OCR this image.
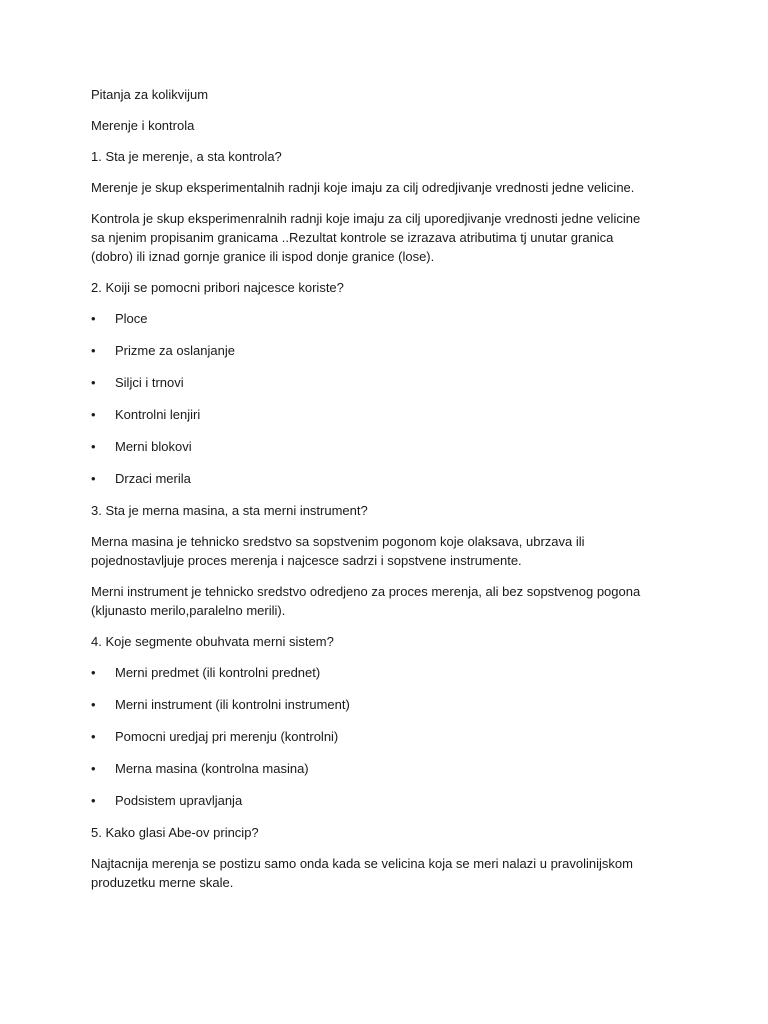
Pitanja za kolikvijum

Merenje i kontrola

1. Sta je merenje, a sta kontrola?

Merenje je skup eksperimentalnih radnji koje imaju za cilj odredjivanje vrednosti jedne velicine.

Kontrola je skup eksperimenralnih radnji koje imaju za cilj uporedjivanje vrednosti jedne velicine sa njenim propisanim granicama ..Rezultat kontrole se izrazava atributima tj unutar granica (dobro) ili iznad gornje granice ili ispod donje granice (lose).

2. Koiji se pomocni pribori najcesce koriste?

•	Ploce
•	Prizme za oslanjanje
•	Siljci i trnovi
•	Kontrolni lenjiri
•	Merni blokovi
•	Drzaci merila

3. Sta je merna masina, a sta merni instrument?

Merna masina je tehnicko sredstvo sa sopstvenim pogonom koje olaksava, ubrzava ili pojednostavljuje proces merenja i najcesce sadrzi i sopstvene instrumente.

Merni instrument je tehnicko sredstvo odredjeno za proces merenja, ali bez sopstvenog pogona (kljunasto merilo,paralelno merili).

4. Koje segmente obuhvata merni sistem?

•	Merni predmet (ili kontrolni prednet)
•	Merni instrument (ili kontrolni instrument)
•	Pomocni uredjaj pri merenju (kontrolni)
•	Merna masina (kontrolna masina)
•	Podsistem upravljanja

5. Kako glasi Abe-ov princip?

Najtacnija merenja se postizu samo onda kada se velicina koja se meri nalazi u pravolinijskom produzetku merne skale.
